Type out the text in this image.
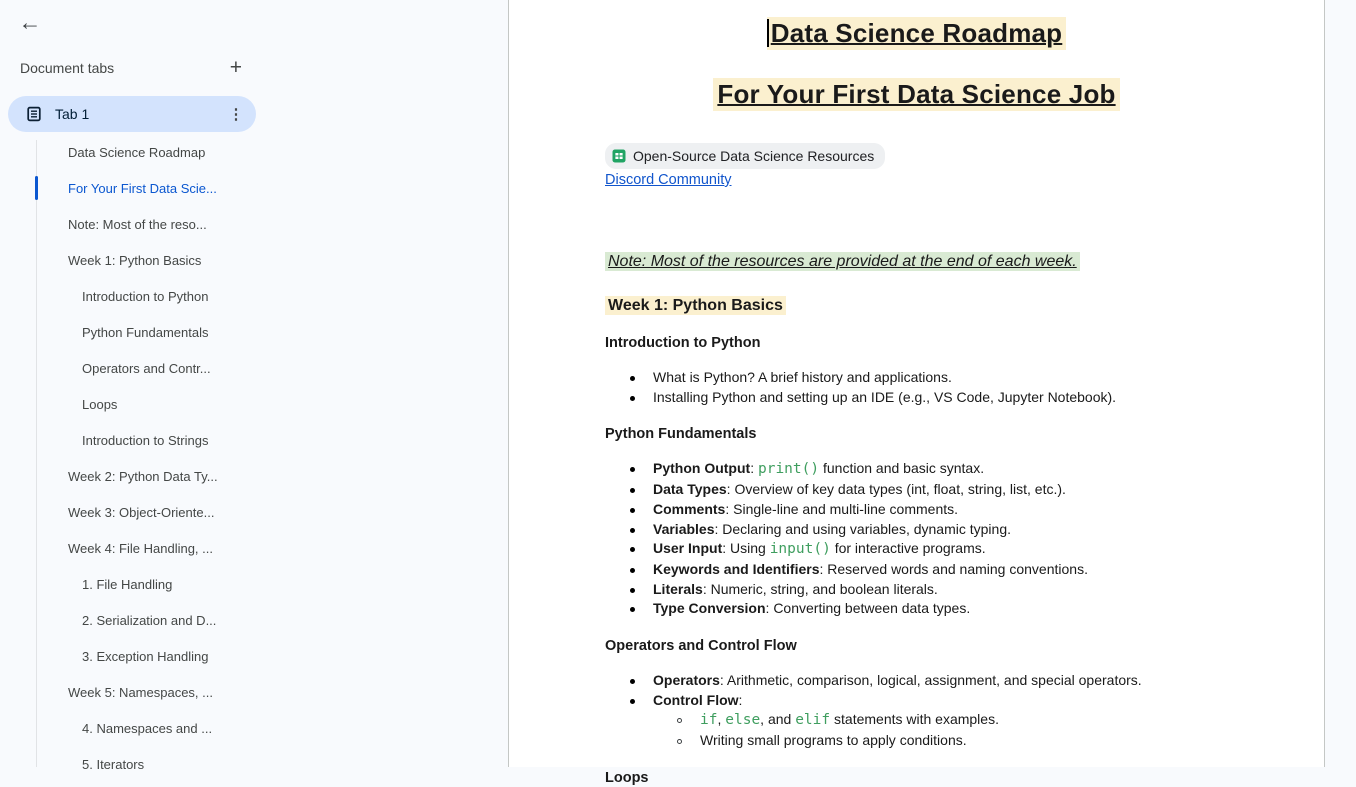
←
Document tabs	+
Tab 1	⋮
Data Science Roadmap
For Your First Data Scie...
Note: Most of the reso...
Week 1: Python Basics
Introduction to Python
Python Fundamentals
Operators and Contr...
Loops
Introduction to Strings
Week 2: Python Data Ty...
Week 3: Object-Oriente...
Week 4: File Handling, ...
1. File Handling
2. Serialization and D...
3. Exception Handling
Week 5: Namespaces, ...
4. Namespaces and ...
5. Iterators
Data Science Roadmap
For Your First Data Science Job
Open-Source Data Science Resources
Discord Community

Note: Most of the resources are provided at the end of each week.

Week 1: Python Basics
Introduction to Python
What is Python? A brief history and applications.
Installing Python and setting up an IDE (e.g., VS Code, Jupyter Notebook).
Python Fundamentals
Python Output: print() function and basic syntax.
Data Types: Overview of key data types (int, float, string, list, etc.).
Comments: Single-line and multi-line comments.
Variables: Declaring and using variables, dynamic typing.
User Input: Using input() for interactive programs.
Keywords and Identifiers: Reserved words and naming conventions.
Literals: Numeric, string, and boolean literals.
Type Conversion: Converting between data types.
Operators and Control Flow
Operators: Arithmetic, comparison, logical, assignment, and special operators.
Control Flow:
if, else, and elif statements with examples.
Writing small programs to apply conditions.
Loops
